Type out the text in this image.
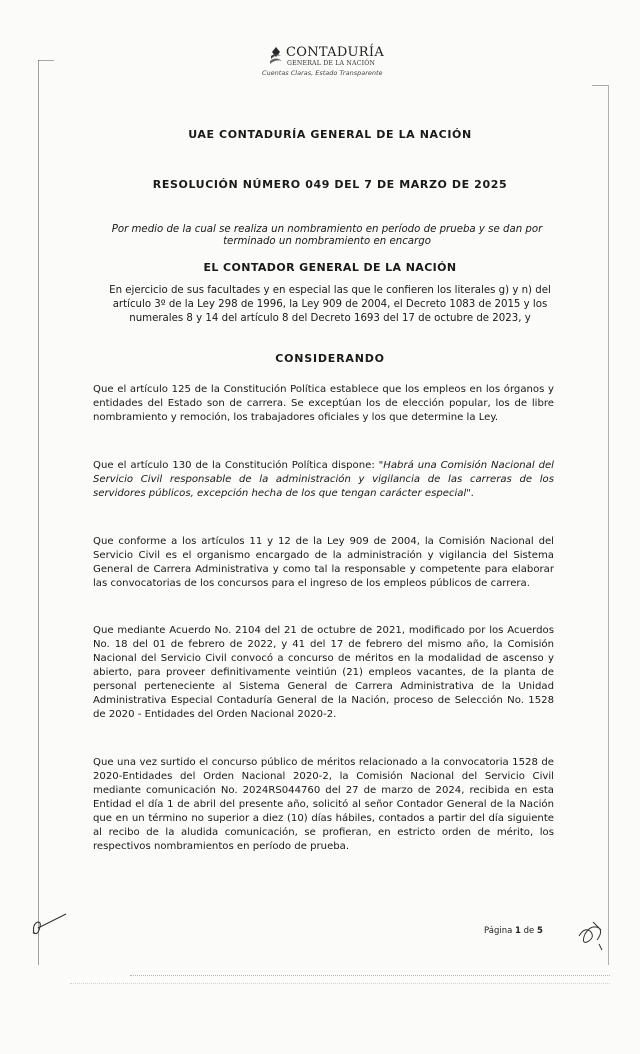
CONTADURÍA
GENERAL DE LA NACIÓN
Cuentas Claras, Estado Transparente
UAE CONTADURÍA GENERAL DE LA NACIÓN
RESOLUCIÓN NÚMERO 049 DEL 7 DE MARZO DE 2025
Por medio de la cual se realiza un nombramiento en período de prueba y se dan por terminado un nombramiento en encargo
EL CONTADOR GENERAL DE LA NACIÓN
En ejercicio de sus facultades y en especial las que le confieren los literales g) y n) del artículo 3º de la Ley 298 de 1996, la Ley 909 de 2004, el Decreto 1083 de 2015 y los numerales 8 y 14 del artículo 8 del Decreto 1693 del 17 de octubre de 2023, y
CONSIDERANDO
Que el artículo 125 de la Constitución Política establece que los empleos en los órganos y entidades del Estado son de carrera. Se exceptúan los de elección popular, los de libre nombramiento y remoción, los trabajadores oficiales y los que determine la Ley.
Que el artículo 130 de la Constitución Política dispone: "Habrá una Comisión Nacional del Servicio Civil responsable de la administración y vigilancia de las carreras de los servidores públicos, excepción hecha de los que tengan carácter especial".
Que conforme a los artículos 11 y 12 de la Ley 909 de 2004, la Comisión Nacional del Servicio Civil es el organismo encargado de la administración y vigilancia del Sistema General de Carrera Administrativa y como tal la responsable y competente para elaborar las convocatorias de los concursos para el ingreso de los empleos públicos de carrera.
Que mediante Acuerdo No. 2104 del 21 de octubre de 2021, modificado por los Acuerdos No. 18 del 01 de febrero de 2022, y 41 del 17 de febrero del mismo año, la Comisión Nacional del Servicio Civil convocó a concurso de méritos en la modalidad de ascenso y abierto, para proveer definitivamente veintiún (21) empleos vacantes, de la planta de personal perteneciente al Sistema General de Carrera Administrativa de la Unidad Administrativa Especial Contaduría General de la Nación, proceso de Selección No. 1528 de 2020 - Entidades del Orden Nacional 2020-2.
Que una vez surtido el concurso público de méritos relacionado a la convocatoria 1528 de 2020-Entidades del Orden Nacional 2020-2, la Comisión Nacional del Servicio Civil mediante comunicación No. 2024RS044760 del 27 de marzo de 2024, recibida en esta Entidad el día 1 de abril del presente año, solicitó al señor Contador General de la Nación que en un término no superior a diez (10) días hábiles, contados a partir del día siguiente al recibo de la aludida comunicación, se profieran, en estricto orden de mérito, los respectivos nombramientos en período de prueba.
Página 1 de 5
